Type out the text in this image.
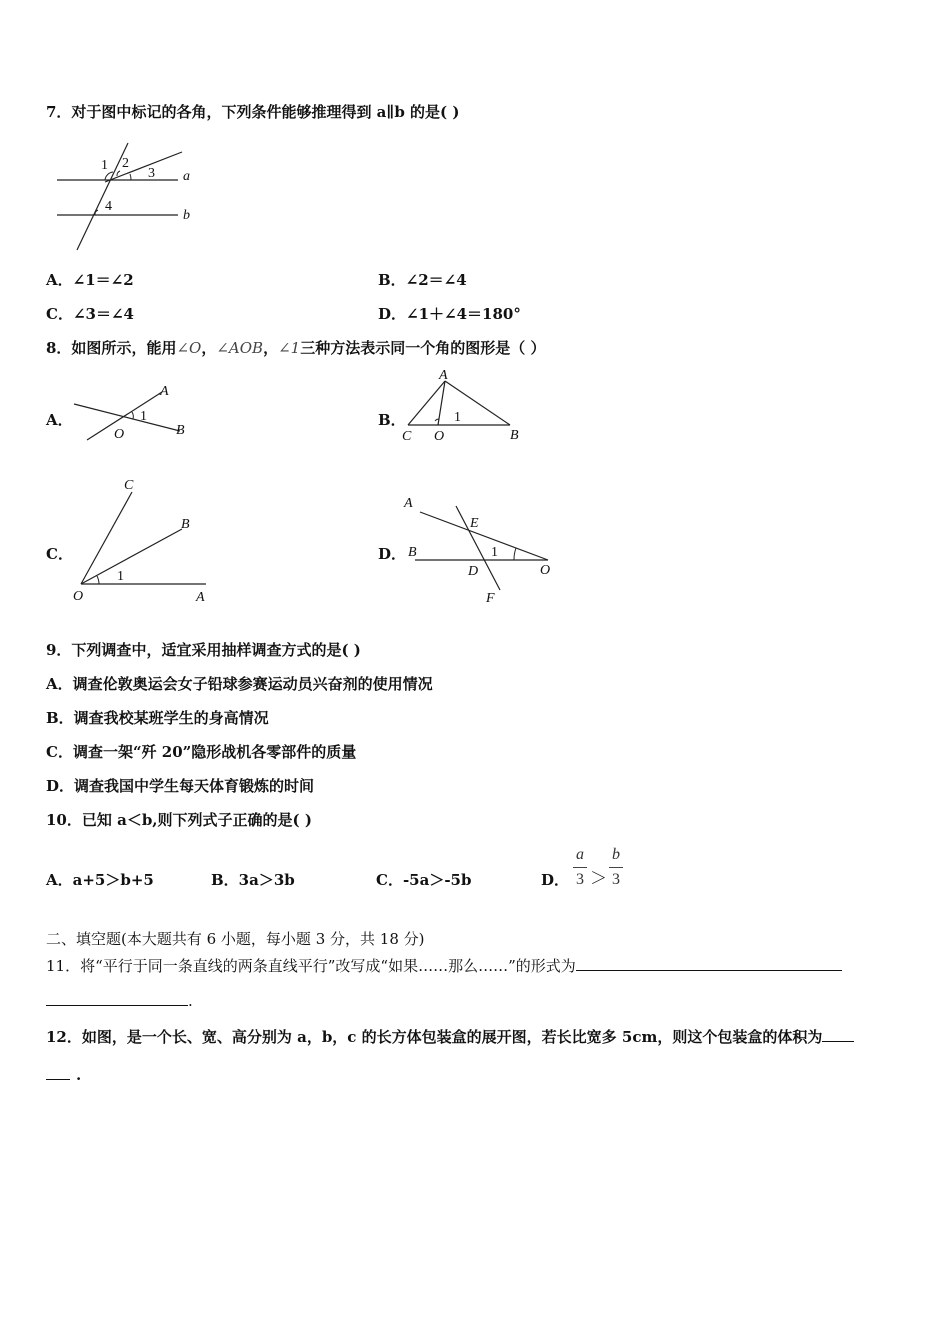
7．对于图中标记的各角，下列条件能够推理得到 a∥b 的是( )
1 2
3
4
a
b
A．∠1＝∠2	B．∠2＝∠4
C．∠3＝∠4	D．∠1＋∠4＝180°
8．如图所示，能用∠O，∠AOB，∠1三种方法表示同一个角的图形是（ ）
A．
A
O	B
1	B．
A
C O	B
1
C．
C
B
O	A
1
D．
A
E
B
D	O
F
1
9．下列调查中，适宜采用抽样调查方式的是( )
A．调查伦敦奥运会女子铅球参赛运动员兴奋剂的使用情况
B．调查我校某班学生的身高情况
C．调查一架“歼 20”隐形战机各零部件的质量
D．调查我国中学生每天体育锻炼的时间
10．已知 a＜b,则下列式子正确的是( )
A．a+5＞b+5	B．3a＞3b	C．-5a＞-5b	D．
a
3 ＞
b
3
二、填空题(本大题共有 6 小题，每小题 3 分，共 18 分)
11．将“平行于同一条直线的两条直线平行”改写成“如果……那么……”的形式为
.
12．如图，是一个长、宽、高分别为 a，b，c 的长方体包装盒的展开图，若长比宽多 5cm，则这个包装盒的体积为
.
